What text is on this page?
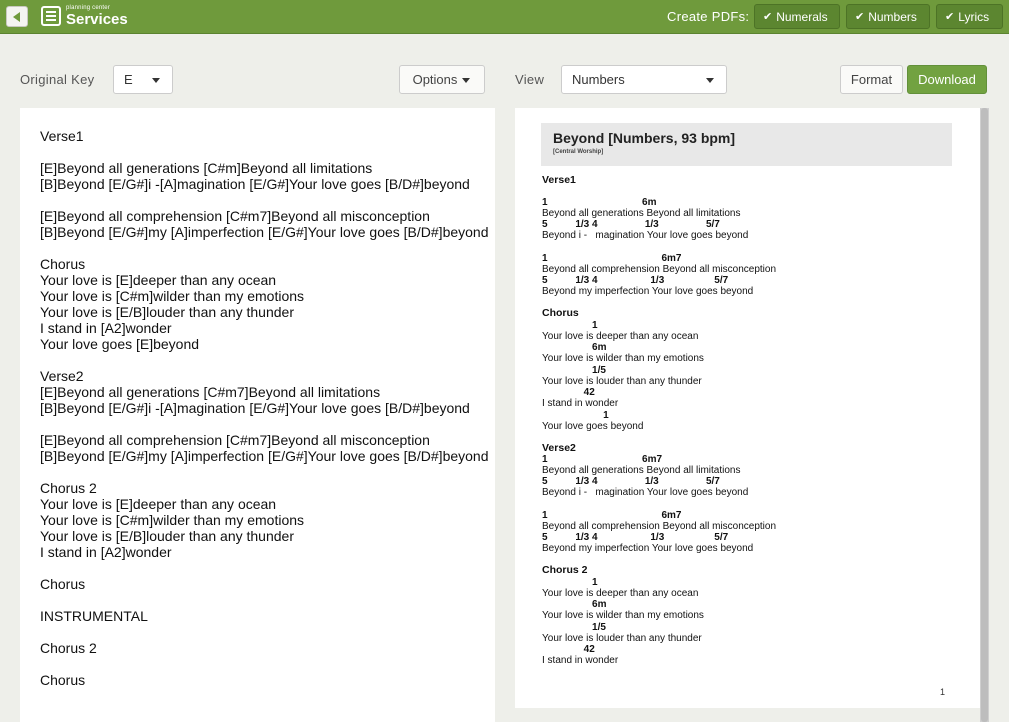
planning center
Services	Create PDFs: ✔ Numerals ✔ Numbers	✔ Lyrics
Original Key E	Options	View Numbers	Format	Download
Verse1
[E]Beyond all generations [C#m]Beyond all limitations
[B]Beyond [E/G#]i -[A]magination [E/G#]Your love goes [B/D#]beyond
[E]Beyond all comprehension [C#m7]Beyond all misconception
[B]Beyond [E/G#]my [A]imperfection [E/G#]Your love goes [B/D#]beyond
Chorus
Your love is [E]deeper than any ocean
Your love is [C#m]wilder than my emotions
Your love is [E/B]louder than any thunder
I stand in [A2]wonder
Your love goes [E]beyond
Verse2
[E]Beyond all generations [C#m7]Beyond all limitations
[B]Beyond [E/G#]i -[A]magination [E/G#]Your love goes [B/D#]beyond
[E]Beyond all comprehension [C#m7]Beyond all misconception
[B]Beyond [E/G#]my [A]imperfection [E/G#]Your love goes [B/D#]beyond
Chorus 2
Your love is [E]deeper than any ocean
Your love is [C#m]wilder than my emotions
Your love is [E/B]louder than any thunder
I stand in [A2]wonder
Chorus
INSTRUMENTAL
Chorus 2
Chorus
Beyond [Numbers, 93 bpm]
[Central Worship]
1
Verse1
1                                  6m
Beyond all generations Beyond all limitations
5          1/3 4                 1/3                 5/7
Beyond i -   magination Your love goes beyond
1                                         6m7
Beyond all comprehension Beyond all misconception
5          1/3 4                   1/3                  5/7
Beyond my imperfection Your love goes beyond
Chorus
1
Your love is deeper than any ocean
6m
Your love is wilder than my emotions
1/5
Your love is louder than any thunder
42
I stand in wonder
1
Your love goes beyond
Verse2
1                                  6m7
Beyond all generations Beyond all limitations
5          1/3 4                 1/3                 5/7
Beyond i -   magination Your love goes beyond
1                                         6m7
Beyond all comprehension Beyond all misconception
5          1/3 4                   1/3                  5/7
Beyond my imperfection Your love goes beyond
Chorus 2
1
Your love is deeper than any ocean
6m
Your love is wilder than my emotions
1/5
Your love is louder than any thunder
42
I stand in wonder
